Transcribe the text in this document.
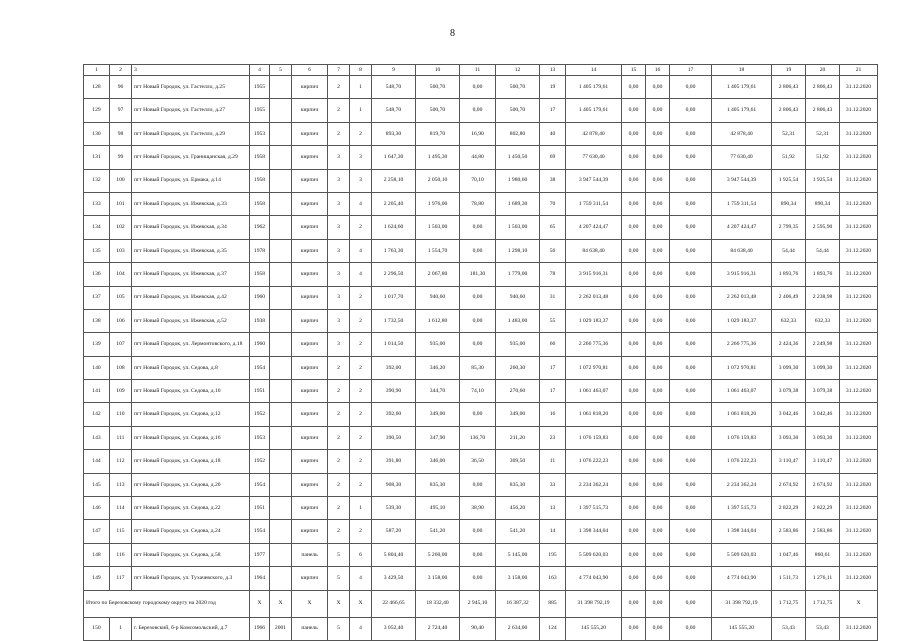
8
1	2	3	4	5	6	7	8	9	10	11	12	13	14	15	16	17	18	19	20	21
128	96	пгт Новый Городок, ул. Гастелло, д.25	1955		кирпич	2	1	548,70	500,70	0,00	500,70	19	1 405 179,61	0,00	0,00	0,00	1 405 179,61	2 806,43	2 806,43	31.12.2020
129	97	пгт Новый Городок, ул. Гастелло, д.27	1955		кирпич	2	1	548,70	500,70	0,00	500,70	17	1 405 179,61	0,00	0,00	0,00	1 405 179,61	2 806,43	2 806,43	31.12.2020
130	98	пгт Новый Городок, ул. Гастелло, д.29	1953		кирпич	2	2	893,30	819,70	16,90	802,80	40	42 878,40	0,00	0,00	0,00	42 878,40	52,31	52,31	31.12.2020
131	99	пгт Новый Городок, ул. Гранищанская, д.29	1958		кирпич	3	3	1 647,30	1 495,30	44,80	1 450,50	69	77 630,40	0,00	0,00	0,00	77 630,40	51,92	51,92	31.12.2020
132	100	пгт Новый Городок, ул. Ермака, д.14	1958		кирпич	3	3	2 258,10	2 050,10	70,10	1 980,60	38	3 947 544,39	0,00	0,00	0,00	3 947 544,39	1 925,54	1 925,54	31.12.2020
133	101	пгт Новый Городок, ул. Ижевская, д.33	1958		кирпич	3	4	2 205,40	1 976,00	78,80	1 689,30	70	1 759 311,54	0,00	0,00	0,00	1 759 311,54	890,34	890,34	31.12.2020
134	102	пгт Новый Городок, ул. Ижевская, д.34	1962		кирпич	3	2	1 624,60	1 503,00	0,00	1 503,00	65	4 207 424,47	0,00	0,00	0,00	4 207 424,47	2 799,35	2 595,90	31.12.2020
135	103	пгт Новый Городок, ул. Ижевская, д.35	1978		кирпич	3	4	1 763,30	1 554,70	0,00	1 298,10	56	84 638,40	0,00	0,00	0,00	84 638,40	54,44	54,44	31.12.2020
136	104	пгт Новый Городок, ул. Ижевская, д.37	1958		кирпич	3	4	2 296,50	2 067,80	181,30	1 779,00	78	3 915 916,31	0,00	0,00	0,00	3 915 916,31	1 893,76	1 893,76	31.12.2020
137	105	пгт Новый Городок, ул. Ижевская, д.42	1960		кирпич	3	2	1 017,70	940,60	0,00	940,60	31	2 262 013,48	0,00	0,00	0,00	2 262 013,48	2 406,49	2 238,98	31.12.2020
138	106	пгт Новый Городок, ул. Ижевская, д.52	1938		кирпич	3	2	1 732,50	1 612,80	0,00	1 483,00	55	1 029 183,37	0,00	0,00	0,00	1 029 183,37	632,33	632,33	31.12.2020
139	107	пгт Новый Городок, ул. Лермонтовского, д.18	1960		кирпич	3	2	1 014,50	935,00	0,00	935,00	66	2 266 775,36	0,00	0,00	0,00	2 266 775,36	2 424,36	2 249,98	31.12.2020
140	108	пгт Новый Городок, ул. Седова, д.8	1954		кирпич	2	2	392,00	346,20	85,30	260,30	17	1 072 970,81	0,00	0,00	0,00	1 072 970,81	3 099,30	3 099,30	31.12.2020
141	109	пгт Новый Городок, ул. Седова, д.10	1951		кирпич	2	2	390,90	344,70	74,10	270,60	17	1 061 463,07	0,00	0,00	0,00	1 061 463,07	3 079,38	3 079,38	31.12.2020
142	110	пгт Новый Городок, ул. Седова, д.12	1952		кирпич	2	2	392,60	349,00	0,00	349,00	16	1 061 818,20	0,00	0,00	0,00	1 061 818,20	3 042,46	3 042,46	31.12.2020
143	111	пгт Новый Городок, ул. Седова, д.16	1953		кирпич	2	2	390,50	347,90	136,70	211,20	23	1 076 159,83	0,00	0,00	0,00	1 076 159,83	3 093,30	3 093,30	31.12.2020
144	112	пгт Новый Городок, ул. Седова, д.18	1952		кирпич	2	2	391,80	346,00	36,50	309,50	11	1 076 222,23	0,00	0,00	0,00	1 076 222,23	3 110,47	3 110,47	31.12.2020
145	113	пгт Новый Городок, ул. Седова, д.20	1954		кирпич	2	2	908,30	835,30	0,00	835,30	33	2 234 362,24	0,00	0,00	0,00	2 234 362,24	2 674,92	2 674,92	31.12.2020
146	114	пгт Новый Городок, ул. Седова, д.22	1951		кирпич	2	1	539,30	495,10	38,90	456,20	13	1 397 515,73	0,00	0,00	0,00	1 397 515,73	2 822,29	2 822,29	31.12.2020
147	115	пгт Новый Городок, ул. Седова, д.24	1954		кирпич	2	2	587,20	541,20	0,00	541,20	14	1 398 344,04	0,00	0,00	0,00	1 398 344,04	2 583,86	2 583,86	31.12.2020
148	116	пгт Новый Городок, ул. Седова, д.58	1977		панель	5	6	5 804,40	5 260,00	0,00	5 145,00	195	5 509 620,03	0,00	0,00	0,00	5 509 620,03	1 047,46	860,61	31.12.2020
149	117	пгт Новый Городок, ул. Тухачевского, д.3	1964		кирпич	5	4	3 429,50	3 158,00	0,00	3 158,00	163	4 774 043,90	0,00	0,00	0,00	4 774 043,90	1 511,73	1 276,11	31.12.2020
Итого по Березовскому городскому округу на 2020 год			X	X	X	X	X	22 466,65	18 332,40	2 945,10	16 387,32	885	31 398 792,19	0,00	0,00	0,00	31 398 792,19	1 712,75	1 712,75	X
150	1	г. Березовский, б-р Комсомольский, д.7	1966	2001	панель	5	4	3 052,40	2 724,40	90,40	2 634,00	124	145 555,20	0,00	0,00	0,00	145 555,20	53,43	53,43	31.12.2020
